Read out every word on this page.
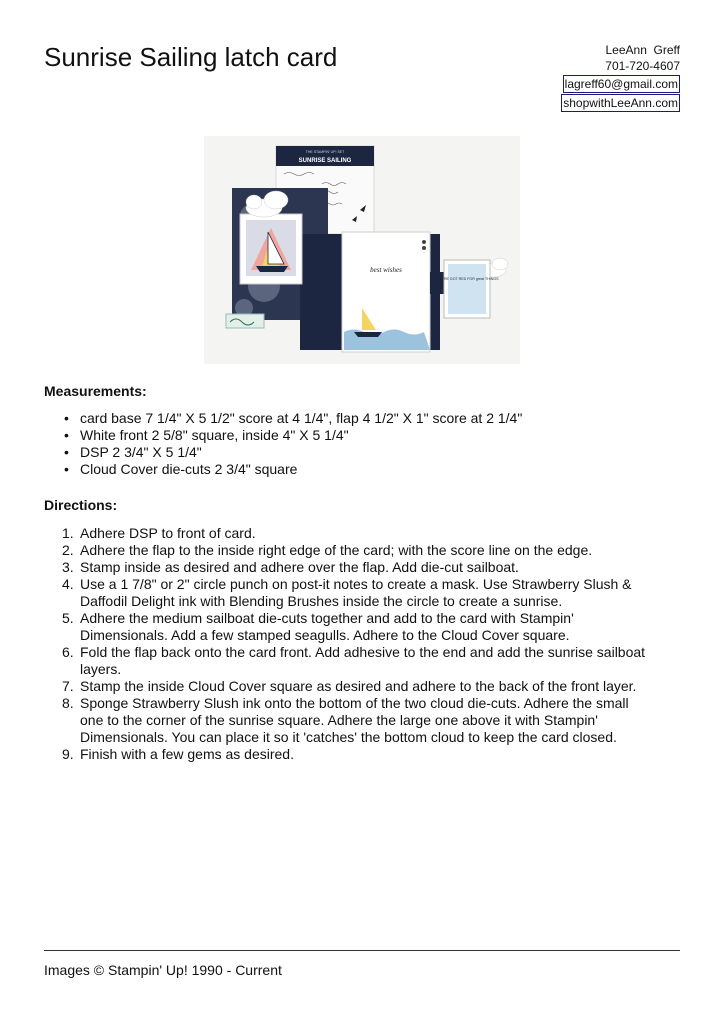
Sunrise Sailing latch card	LeeAnn  Greff
701-720-4607
lagreff60@gmail.com
shopwithLeeAnn.com
THE STAMPIN' UP! SET
SUNRISE SAILING
best wishes
YOU'RE GOT RED FOR great THINGS
Measurements:
• card base 7 1/4" X 5 1/2" score at 4 1/4", flap 4 1/2" X 1" score at 2 1/4"
• White front 2 5/8" square, inside 4" X 5 1/4"
• DSP 2 3/4" X 5 1/4"
• Cloud Cover die-cuts 2 3/4" square
Directions:
1. Adhere DSP to front of card.
2. Adhere the flap to the inside right edge of the card; with the score line on the edge.
3. Stamp inside as desired and adhere over the flap. Add die-cut sailboat.
4. Use a 1 7/8" or 2" circle punch on post-it notes to create a mask. Use Strawberry Slush &
Daffodil Delight ink with Blending Brushes inside the circle to create a sunrise.
5. Adhere the medium sailboat die-cuts together and add to the card with Stampin'
Dimensionals. Add a few stamped seagulls. Adhere to the Cloud Cover square.
6. Fold the flap back onto the card front. Add adhesive to the end and add the sunrise sailboat
layers.
7. Stamp the inside Cloud Cover square as desired and adhere to the back of the front layer.
8. Sponge Strawberry Slush ink onto the bottom of the two cloud die-cuts. Adhere the small
one to the corner of the sunrise square. Adhere the large one above it with Stampin'
Dimensionals. You can place it so it 'catches' the bottom cloud to keep the card closed.
9. Finish with a few gems as desired.
Images © Stampin' Up! 1990 - Current
